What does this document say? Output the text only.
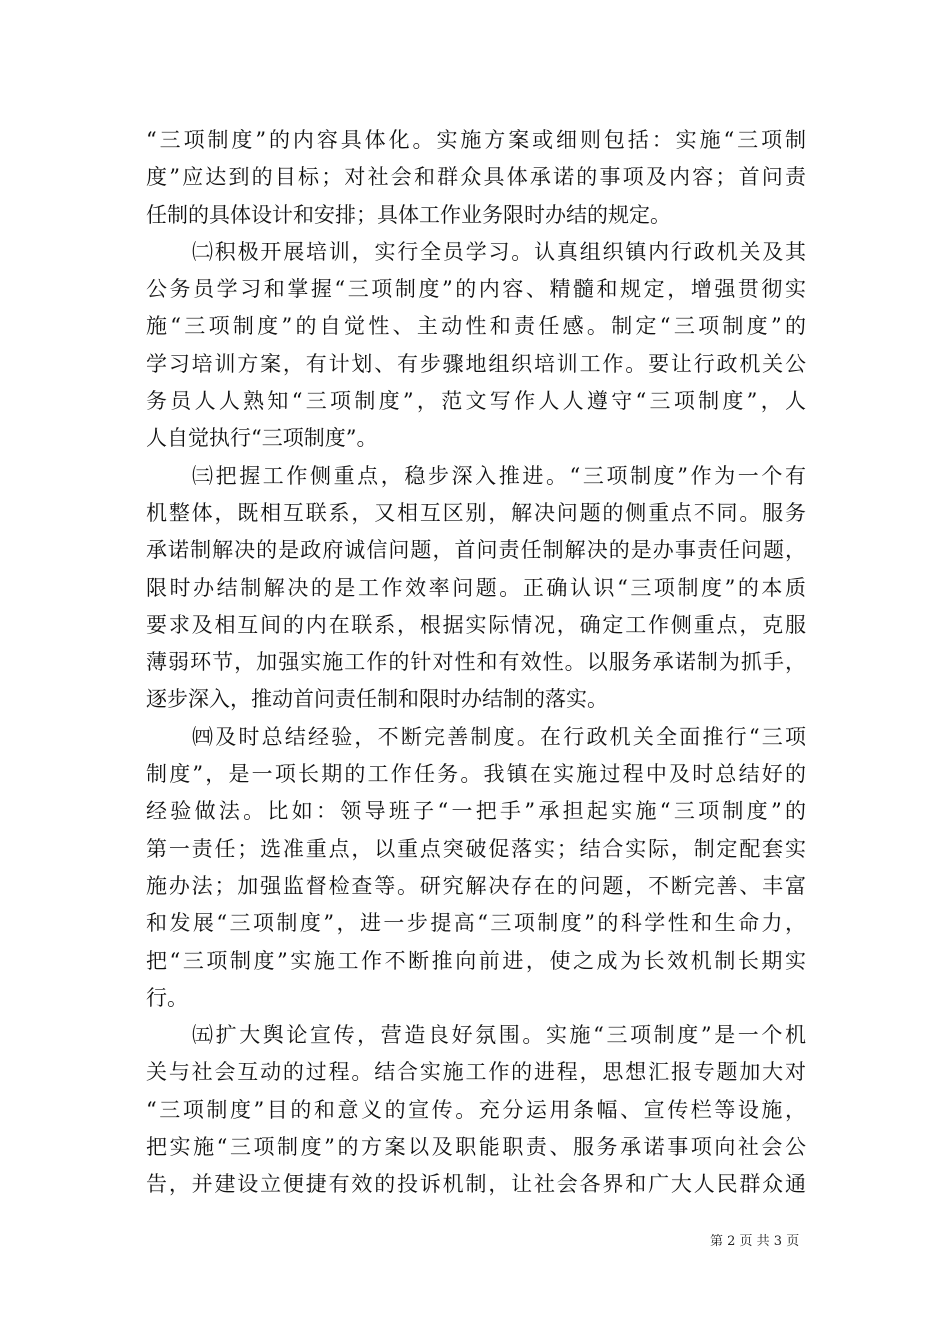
“三项制度”的内容具体化。实施方案或细则包括：实施“三项制
度”应达到的目标；对社会和群众具体承诺的事项及内容；首问责
任制的具体设计和安排；具体工作业务限时办结的规定。
㈡积极开展培训，实行全员学习。认真组织镇内行政机关及其
公务员学习和掌握“三项制度”的内容、精髓和规定，增强贯彻实
施“三项制度”的自觉性、主动性和责任感。制定“三项制度”的
学习培训方案，有计划、有步骤地组织培训工作。要让行政机关公
务员人人熟知“三项制度”，范文写作人人遵守“三项制度”，人
人自觉执行“三项制度”。
㈢把握工作侧重点，稳步深入推进。“三项制度”作为一个有
机整体，既相互联系，又相互区别，解决问题的侧重点不同。服务
承诺制解决的是政府诚信问题，首问责任制解决的是办事责任问题，
限时办结制解决的是工作效率问题。正确认识“三项制度”的本质
要求及相互间的内在联系，根据实际情况，确定工作侧重点，克服
薄弱环节，加强实施工作的针对性和有效性。以服务承诺制为抓手，
逐步深入，推动首问责任制和限时办结制的落实。
㈣及时总结经验，不断完善制度。在行政机关全面推行“三项
制度”，是一项长期的工作任务。我镇在实施过程中及时总结好的
经验做法。比如：领导班子“一把手”承担起实施“三项制度”的
第一责任；选准重点，以重点突破促落实；结合实际，制定配套实
施办法；加强监督检查等。研究解决存在的问题，不断完善、丰富
和发展“三项制度”，进一步提高“三项制度”的科学性和生命力，
把“三项制度”实施工作不断推向前进，使之成为长效机制长期实
行。
㈤扩大舆论宣传，营造良好氛围。实施“三项制度”是一个机
关与社会互动的过程。结合实施工作的进程，思想汇报专题加大对
“三项制度”目的和意义的宣传。充分运用条幅、宣传栏等设施，
把实施“三项制度”的方案以及职能职责、服务承诺事项向社会公
告，并建设立便捷有效的投诉机制，让社会各界和广大人民群众通
第 2 页 共 3 页
